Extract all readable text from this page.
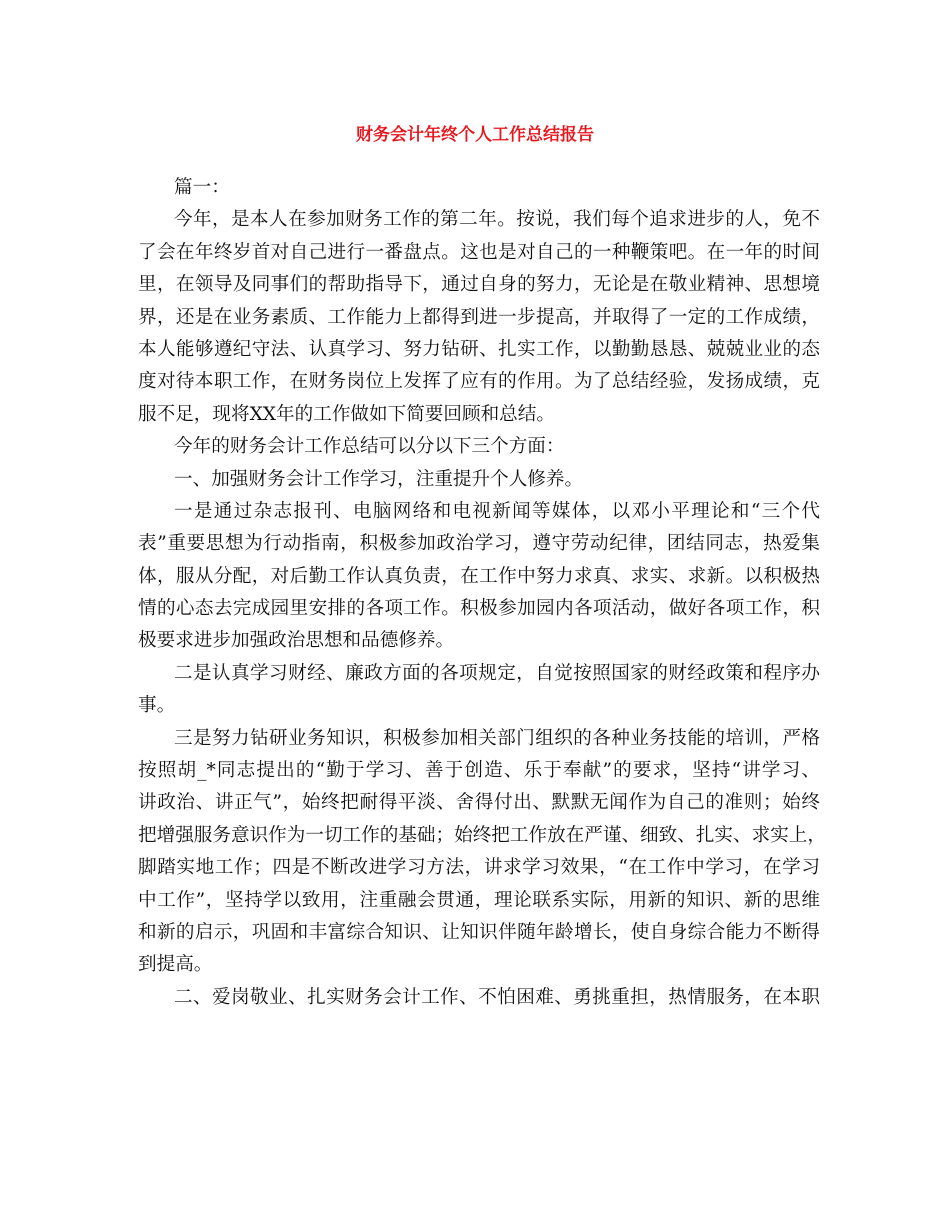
财务会计年终个人工作总结报告
篇一：
今年，是本人在参加财务工作的第二年。按说，我们每个追求进步的人，免不
了会在年终岁首对自己进行一番盘点。这也是对自己的一种鞭策吧。在一年的时间
里，在领导及同事们的帮助指导下，通过自身的努力，无论是在敬业精神、思想境
界，还是在业务素质、工作能力上都得到进一步提高，并取得了一定的工作成绩，
本人能够遵纪守法、认真学习、努力钻研、扎实工作，以勤勤恳恳、兢兢业业的态
度对待本职工作，在财务岗位上发挥了应有的作用。为了总结经验，发扬成绩，克
服不足，现将XX年的工作做如下简要回顾和总结。
今年的财务会计工作总结可以分以下三个方面：
一、加强财务会计工作学习，注重提升个人修养。
一是通过杂志报刊、电脑网络和电视新闻等媒体，以邓小平理论和“三个代
表”重要思想为行动指南，积极参加政治学习，遵守劳动纪律，团结同志，热爱集
体，服从分配，对后勤工作认真负责，在工作中努力求真、求实、求新。以积极热
情的心态去完成园里安排的各项工作。积极参加园内各项活动，做好各项工作，积
极要求进步加强政治思想和品德修养。
二是认真学习财经、廉政方面的各项规定，自觉按照国家的财经政策和程序办
事。
三是努力钻研业务知识，积极参加相关部门组织的各种业务技能的培训，严格
按照胡_*同志提出的“勤于学习、善于创造、乐于奉献”的要求，坚持“讲学习、
讲政治、讲正气”，始终把耐得平淡、舍得付出、默默无闻作为自己的准则；始终
把增强服务意识作为一切工作的基础；始终把工作放在严谨、细致、扎实、求实上，
脚踏实地工作；四是不断改进学习方法，讲求学习效果，“在工作中学习，在学习
中工作”，坚持学以致用，注重融会贯通，理论联系实际，用新的知识、新的思维
和新的启示，巩固和丰富综合知识、让知识伴随年龄增长，使自身综合能力不断得
到提高。
二、爱岗敬业、扎实财务会计工作、不怕困难、勇挑重担，热情服务，在本职
